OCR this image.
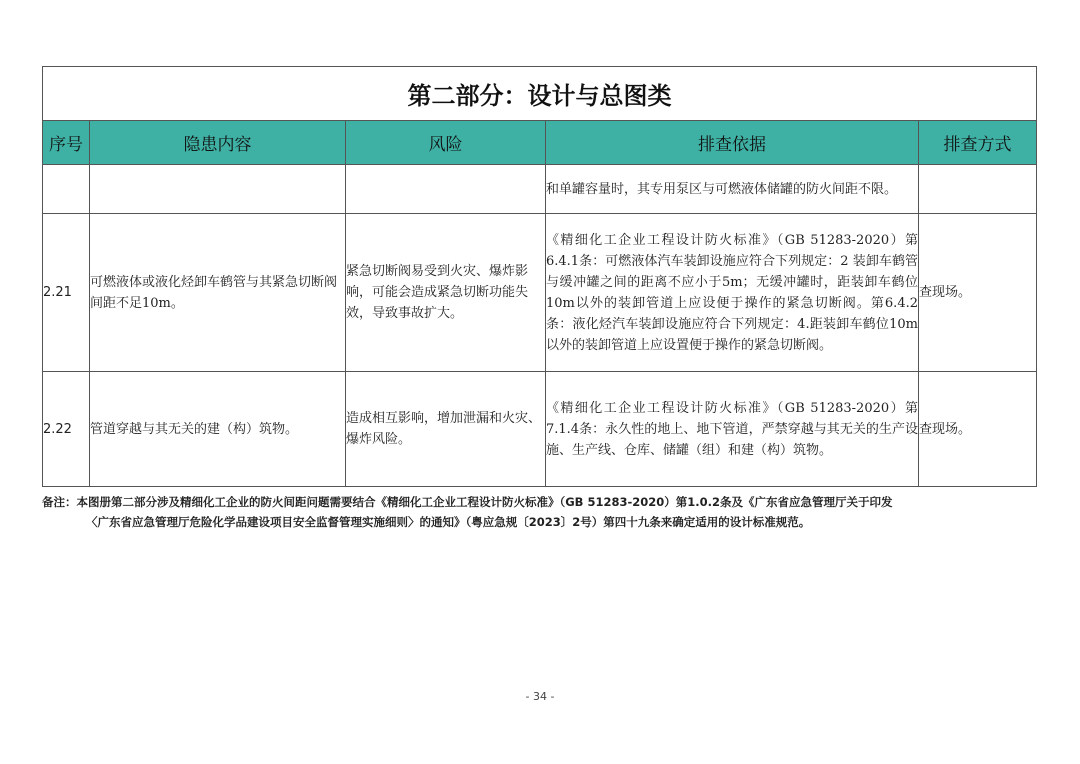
第二部分：设计与总图类				
序号	隐患内容	风险	排查依据	排查方式
			和单罐容量时，其专用泵区与可燃液体储罐的防火间距不限。	
2.21	可燃液体或液化烃卸车鹤管与其紧急切断阀间距不足10m。	紧急切断阀易受到火灾、爆炸影响，可能会造成紧急切断功能失效，导致事故扩大。	《精细化工企业工程设计防火标准》（GB 51283-2020）第6.4.1条：可燃液体汽车装卸设施应符合下列规定：2 装卸车鹤管与缓冲罐之间的距离不应小于5m；无缓冲罐时，距装卸车鹤位10m以外的装卸管道上应设便于操作的紧急切断阀。第6.4.2条：液化烃汽车装卸设施应符合下列规定：4.距装卸车鹤位10m以外的装卸管道上应设置便于操作的紧急切断阀。	查现场。
2.22	管道穿越与其无关的建（构）筑物。	造成相互影响，增加泄漏和火灾、爆炸风险。	《精细化工企业工程设计防火标准》（GB 51283-2020）第7.1.4条：永久性的地上、地下管道，严禁穿越与其无关的生产设施、生产线、仓库、储罐（组）和建（构）筑物。	查现场。
备注：本图册第二部分涉及精细化工企业的防火间距问题需要结合《精细化工企业工程设计防火标准》（GB 51283-2020）第1.0.2条及《广东省应急管理厅关于印发
〈广东省应急管理厅危险化学品建设项目安全监督管理实施细则〉的通知》（粤应急规〔2023〕2号）第四十九条来确定适用的设计标准规范。
- 34 -
